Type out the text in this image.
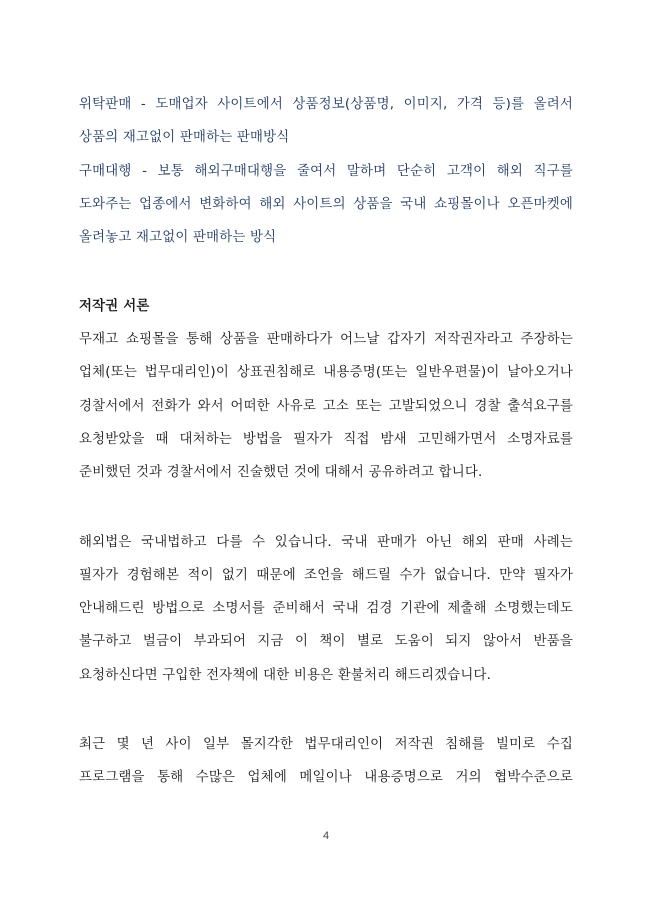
위탁판매 - 도매업자 사이트에서 상품정보(상품명, 이미지, 가격 등)를 올려서
상품의 재고없이 판매하는 판매방식
구매대행 - 보통 해외구매대행을 줄여서 말하며 단순히 고객이 해외 직구를
도와주는 업종에서 변화하여 해외 사이트의 상품을 국내 쇼핑몰이나 오픈마켓에
올려놓고 재고없이 판매하는 방식
저작권 서론
무재고 쇼핑몰을 통해 상품을 판매하다가 어느날 갑자기 저작권자라고 주장하는
업체(또는 법무대리인)이 상표권침해로 내용증명(또는 일반우편물)이 날아오거나
경찰서에서 전화가 와서 어떠한 사유로 고소 또는 고발되었으니 경찰 출석요구를
요청받았을 때 대처하는 방법을 필자가 직접 밤새 고민해가면서 소명자료를
준비했던 것과 경찰서에서 진술했던 것에 대해서 공유하려고 합니다.
해외법은 국내법하고 다를 수 있습니다. 국내 판매가 아닌 해외 판매 사례는
필자가 경험해본 적이 없기 때문에 조언을 해드릴 수가 없습니다. 만약 필자가
안내해드린 방법으로 소명서를 준비해서 국내 검경 기관에 제출해 소명했는데도
불구하고 벌금이 부과되어 지금 이 책이 별로 도움이 되지 않아서 반품을
요청하신다면 구입한 전자책에 대한 비용은 환불처리 해드리겠습니다.
최근 몇 년 사이 일부 몰지각한 법무대리인이 저작권 침해를 빌미로 수집
프로그램을 통해 수많은 업체에 메일이나 내용증명으로 거의 협박수준으로
4
